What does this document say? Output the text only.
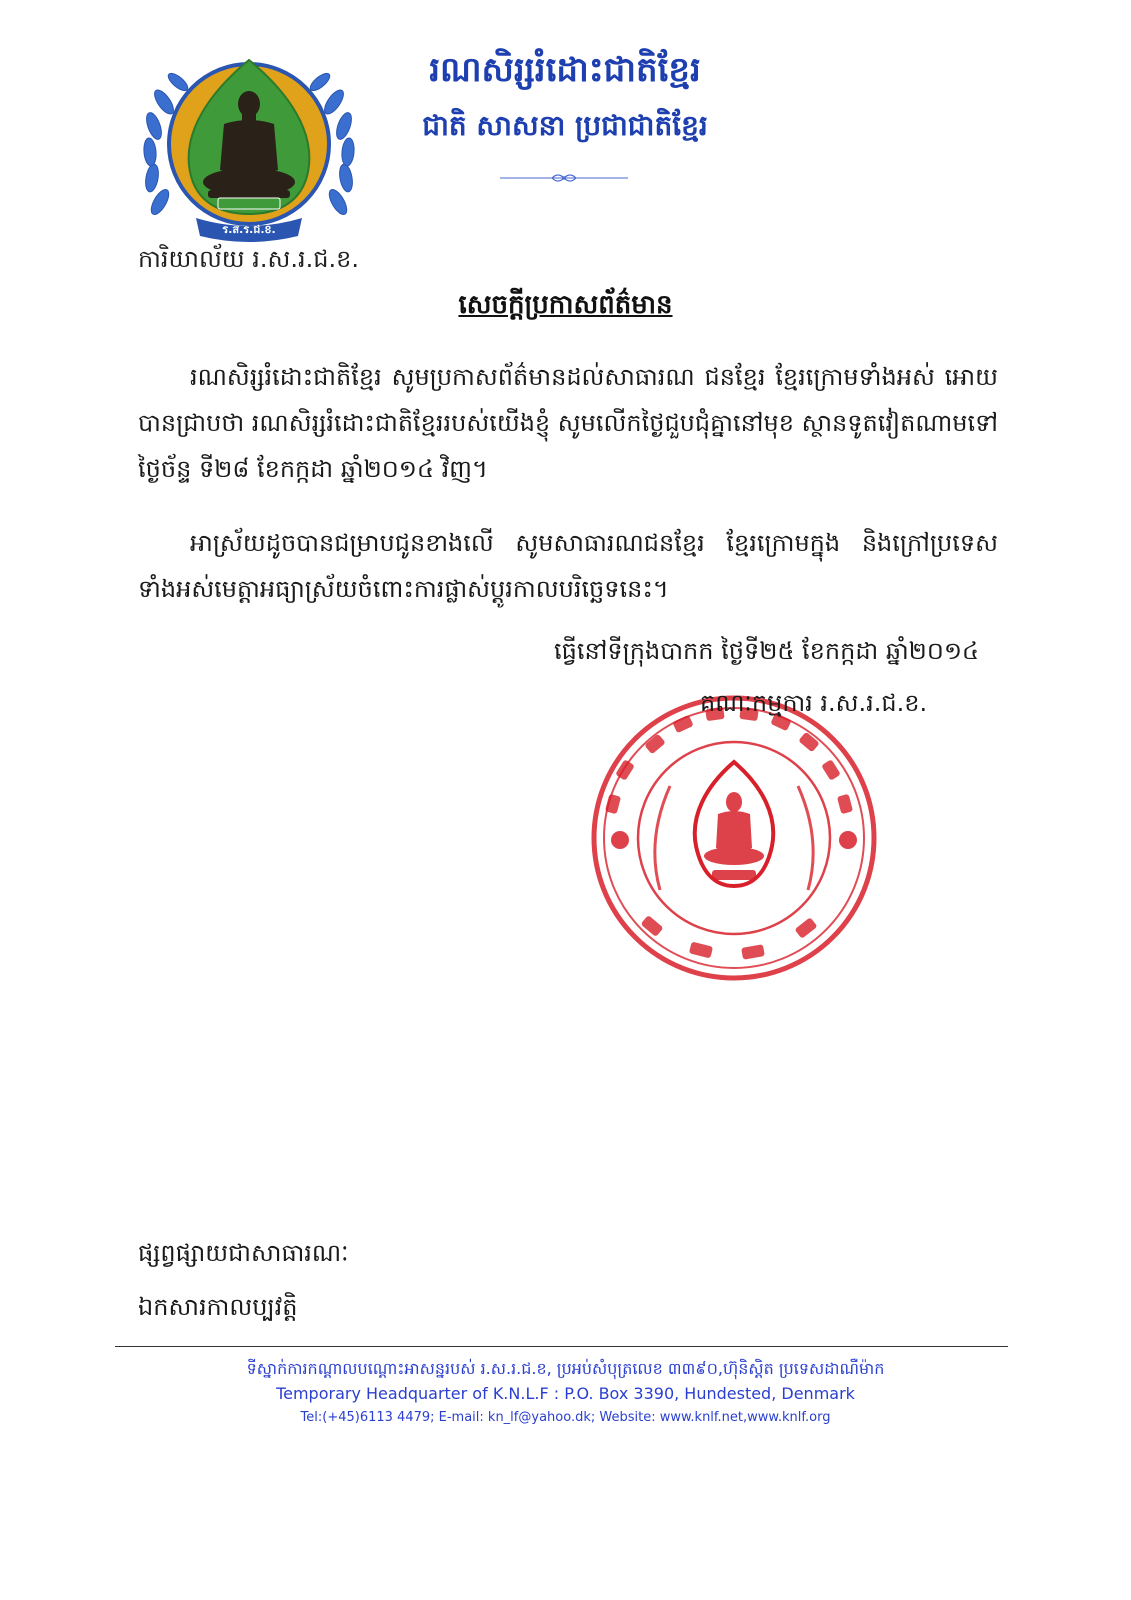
ร.ส.ร.ជ.ខ.
រណសិរ្សរំដោះជាតិខ្មែរ
ជាតិ សាសនា ប្រជាជាតិខ្មែរ
ការិយាល័យ រ.ស.រ.ជ.ខ.
សេចក្តីប្រកាសព័ត៌មាន
រណសិរ្សរំដោះជាតិខ្មែរ សូមប្រកាសព័ត៌មានដល់សាធារណ ជនខ្មែរ ខ្មែរក្រោមទាំងអស់ អោយបានជ្រាបថា រណសិរ្សរំដោះជាតិខ្មែររបស់យើងខ្ញុំ សូមលើកថ្ងៃជួបជុំគ្នានៅមុខ ស្ថានទូតវៀតណាមទៅថ្ងៃច័ន្ទ ទី២៨ ខែកក្កដា ឆ្នាំ២០១៤ វិញ។
អាស្រ័យដូចបានជម្រាបជូនខាងលើ សូមសាធារណជនខ្មែរ ខ្មែរក្រោមក្នុង និងក្រៅប្រទេស ទាំងអស់មេត្តាអធ្យាស្រ័យចំពោះការផ្លាស់ប្តូរកាលបរិច្ឆេទនេះ។
ធ្វើនៅទីក្រុងបាកក ថ្ងៃទី២៥ ខែកក្កដា ឆ្នាំ២០១៤
គណៈកម្មការ រ.ស.រ.ជ.ខ.
ផ្សព្វផ្សាយជាសាធារណៈ
ឯកសារកាលប្បវត្តិ
ទីស្នាក់ការកណ្តាលបណ្តោះអាសន្នរបស់ រ.ស.រ.ជ.ខ, ប្រអប់សំបុត្រលេខ ៣៣៩០,ហ៊ុនិស្តិត ប្រទេសដាណឺម៉ាក
Temporary Headquarter of K.N.L.F : P.O. Box 3390, Hundested, Denmark
Tel:(+45)6113 4479; E-mail: kn_lf@yahoo.dk; Website: www.knlf.net,www.knlf.org
